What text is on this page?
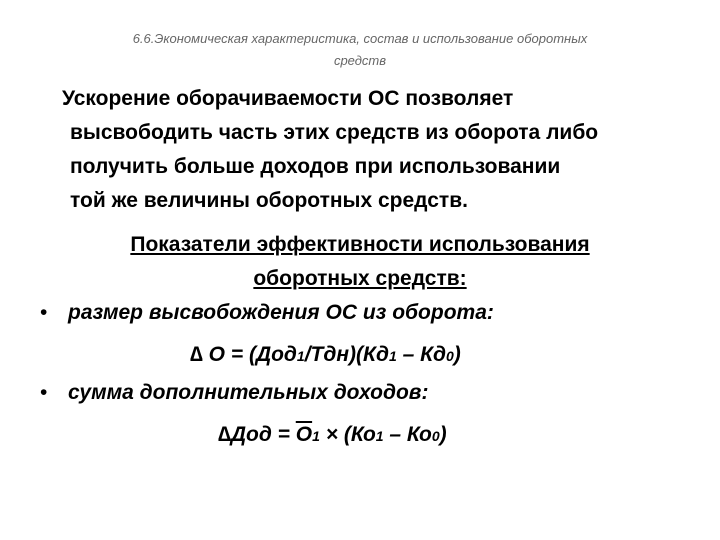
6.6.Экономическая характеристика, состав и использование оборотных
средств
Ускорение оборачиваемости ОС позволяет
высвободить часть этих средств из оборота либо
получить больше доходов при использовании
той же величины оборотных средств.
Показатели эффективности использования
оборотных средств:
• размер высвобождения ОС из оборота:
∆ О = (Дод1/Тдн)(Кд1 – Кд0)
• сумма дополнительных доходов:
∆Дод = О1 × (Ко1 – Ко0)
